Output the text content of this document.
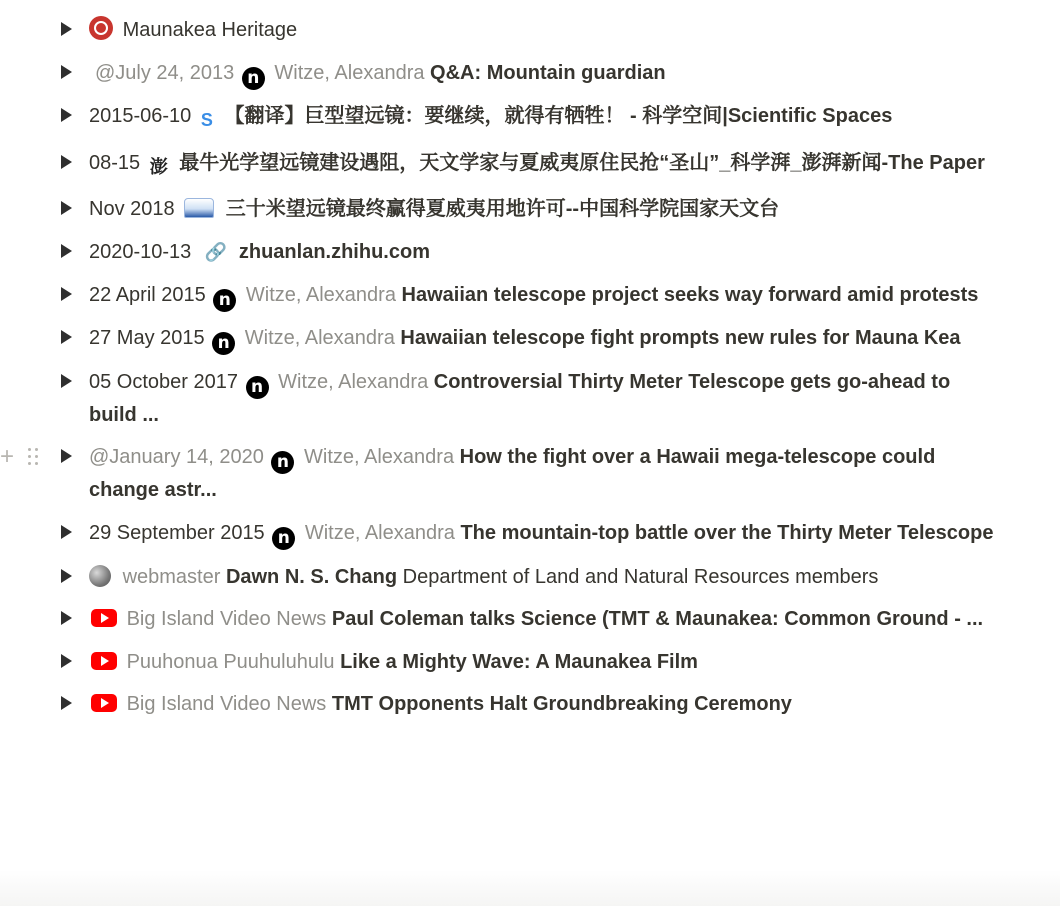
Maunakea Heritage
@July 24, 2013 n Witze, Alexandra Q&A: Mountain guardian
2015-06-10 S 【翻译】巨型望远镜：要继续，就得有牺牲！ - 科学空间|Scientific Spaces
08-15 澎 最牛光学望远镜建设遇阻，天文学家与夏威夷原住民抢“圣山”_科学湃_澎湃新闻-The Paper
Nov 2018	三十米望远镜最终赢得夏威夷用地许可--中国科学院国家天文台
2020-10-13 🔗 zhuanlan.zhihu.com
22 April 2015 n Witze, Alexandra Hawaiian telescope project seeks way forward amid protests
27 May 2015 n Witze, Alexandra Hawaiian telescope fight prompts new rules for Mauna Kea
05 October 2017 n Witze, Alexandra Controversial Thirty Meter Telescope gets go-ahead to build ...
+	@January 14, 2020 n Witze, Alexandra How the fight over a Hawaii mega-telescope could change astr...
29 September 2015 n Witze, Alexandra The mountain-top battle over the Thirty Meter Telescope
webmaster Dawn N. S. Chang Department of Land and Natural Resources members
Big Island Video News Paul Coleman talks Science (TMT & Maunakea: Common Ground - ...
Puuhonua Puuhuluhulu Like a Mighty Wave: A Maunakea Film
Big Island Video News TMT Opponents Halt Groundbreaking Ceremony
